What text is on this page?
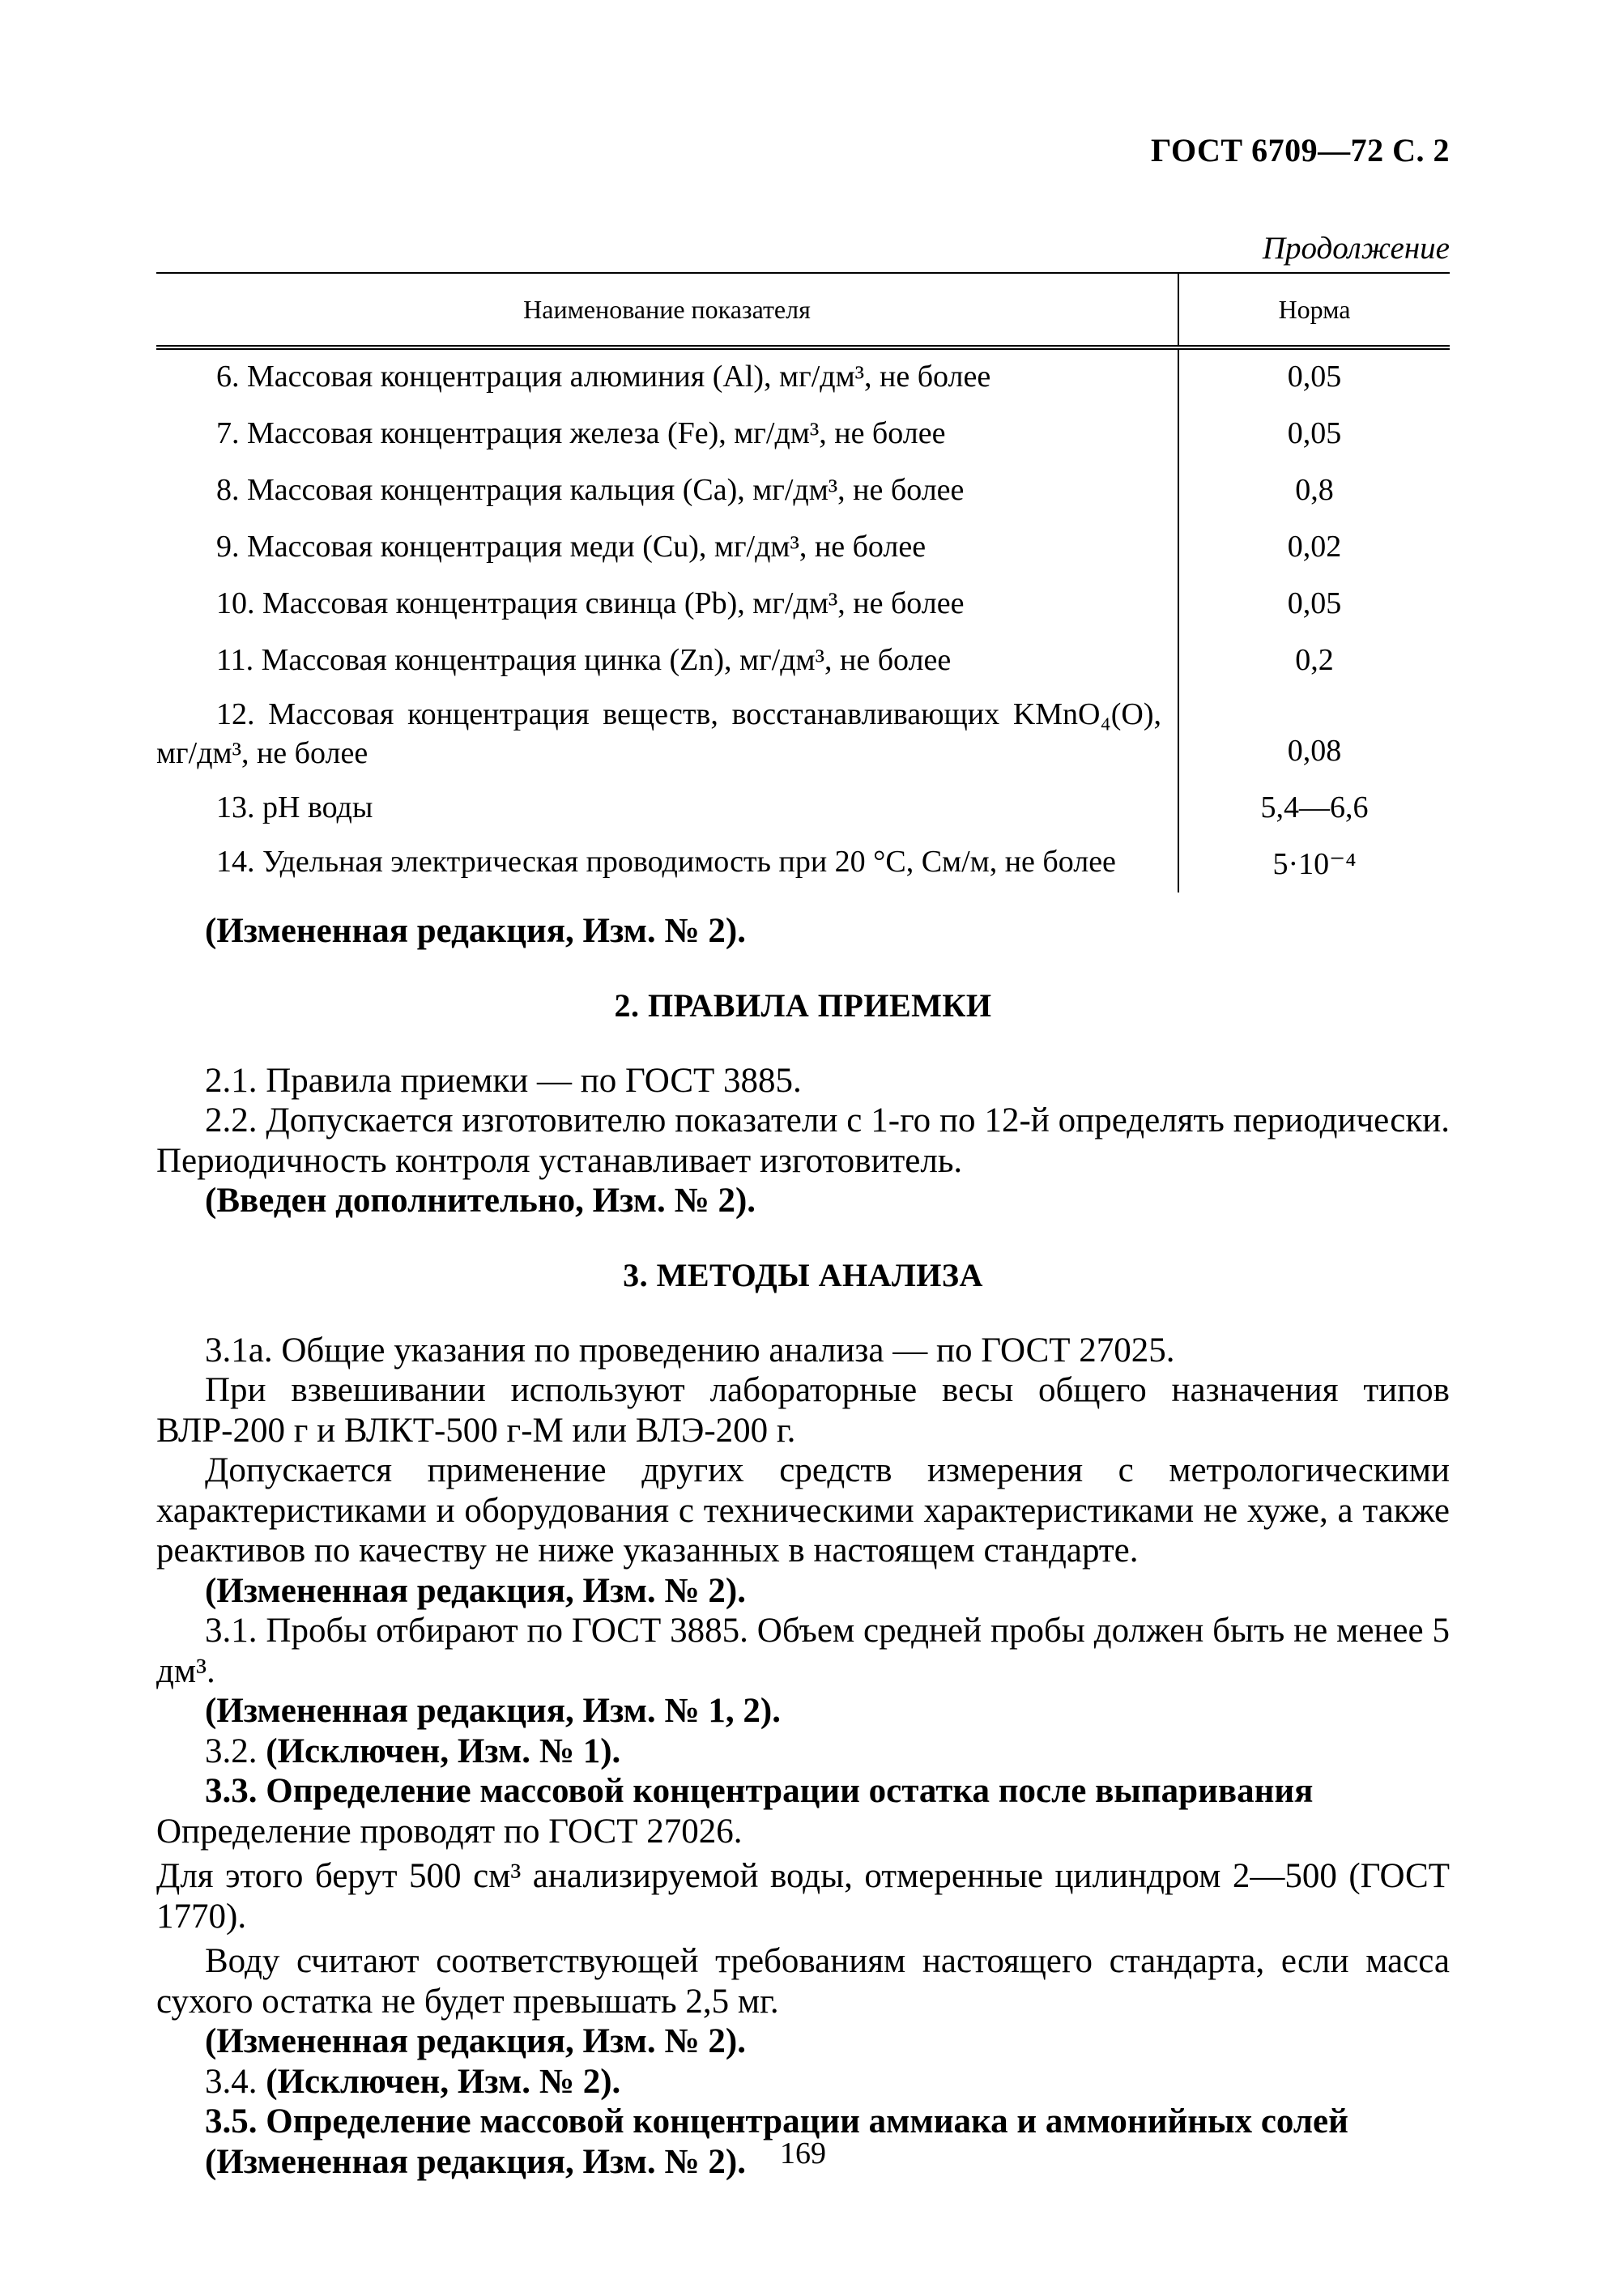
ГОСТ 6709—72 С. 2
Продолжение
Наименование показателя	Норма
6. Массовая концентрация алюминия (Al), мг/дм³, не более	0,05
7. Массовая концентрация железа (Fe), мг/дм³, не более	0,05
8. Массовая концентрация кальция (Ca), мг/дм³, не более	0,8
9. Массовая концентрация меди (Cu), мг/дм³, не более	0,02
10. Массовая концентрация свинца (Pb), мг/дм³, не более	0,05
11. Массовая концентрация цинка (Zn), мг/дм³, не более	0,2
12. Массовая концентрация веществ, восстанавливающих KMnO₄(O), мг/дм³, не более	0,08
13. pH воды	5,4—6,6
14. Удельная электрическая проводимость при 20 °С, См/м, не более	5·10⁻⁴

(Измененная редакция, Изм. № 2).

2. ПРАВИЛА ПРИЕМКИ

2.1. Правила приемки — по ГОСТ 3885.

2.2. Допускается изготовителю показатели с 1-го по 12-й определять периодически. Периодичность контроля устанавливает изготовитель.

(Введен дополнительно, Изм. № 2).

3. МЕТОДЫ АНАЛИЗА

3.1а. Общие указания по проведению анализа — по ГОСТ 27025.

При взвешивании используют лабораторные весы общего назначения типов ВЛР-200 г и ВЛКТ-500 г-М или ВЛЭ-200 г.

Допускается применение других средств измерения с метрологическими характеристиками и оборудования с техническими характеристиками не хуже, а также реактивов по качеству не ниже указанных в настоящем стандарте.

(Измененная редакция, Изм. № 2).

3.1. Пробы отбирают по ГОСТ 3885. Объем средней пробы должен быть не менее 5 дм³.

(Измененная редакция, Изм. № 1, 2).

3.2. (Исключен, Изм. № 1).

3.3. Определение массовой концентрации остатка после выпаривания

Определение проводят по ГОСТ 27026.

Для этого берут 500 см³ анализируемой воды, отмеренные цилиндром 2—500 (ГОСТ 1770).

Воду считают соответствующей требованиям настоящего стандарта, если масса сухого остатка не будет превышать 2,5 мг.

(Измененная редакция, Изм. № 2).

3.4. (Исключен, Изм. № 2).

3.5. Определение массовой концентрации аммиака и аммонийных солей

(Измененная редакция, Изм. № 2).	169
